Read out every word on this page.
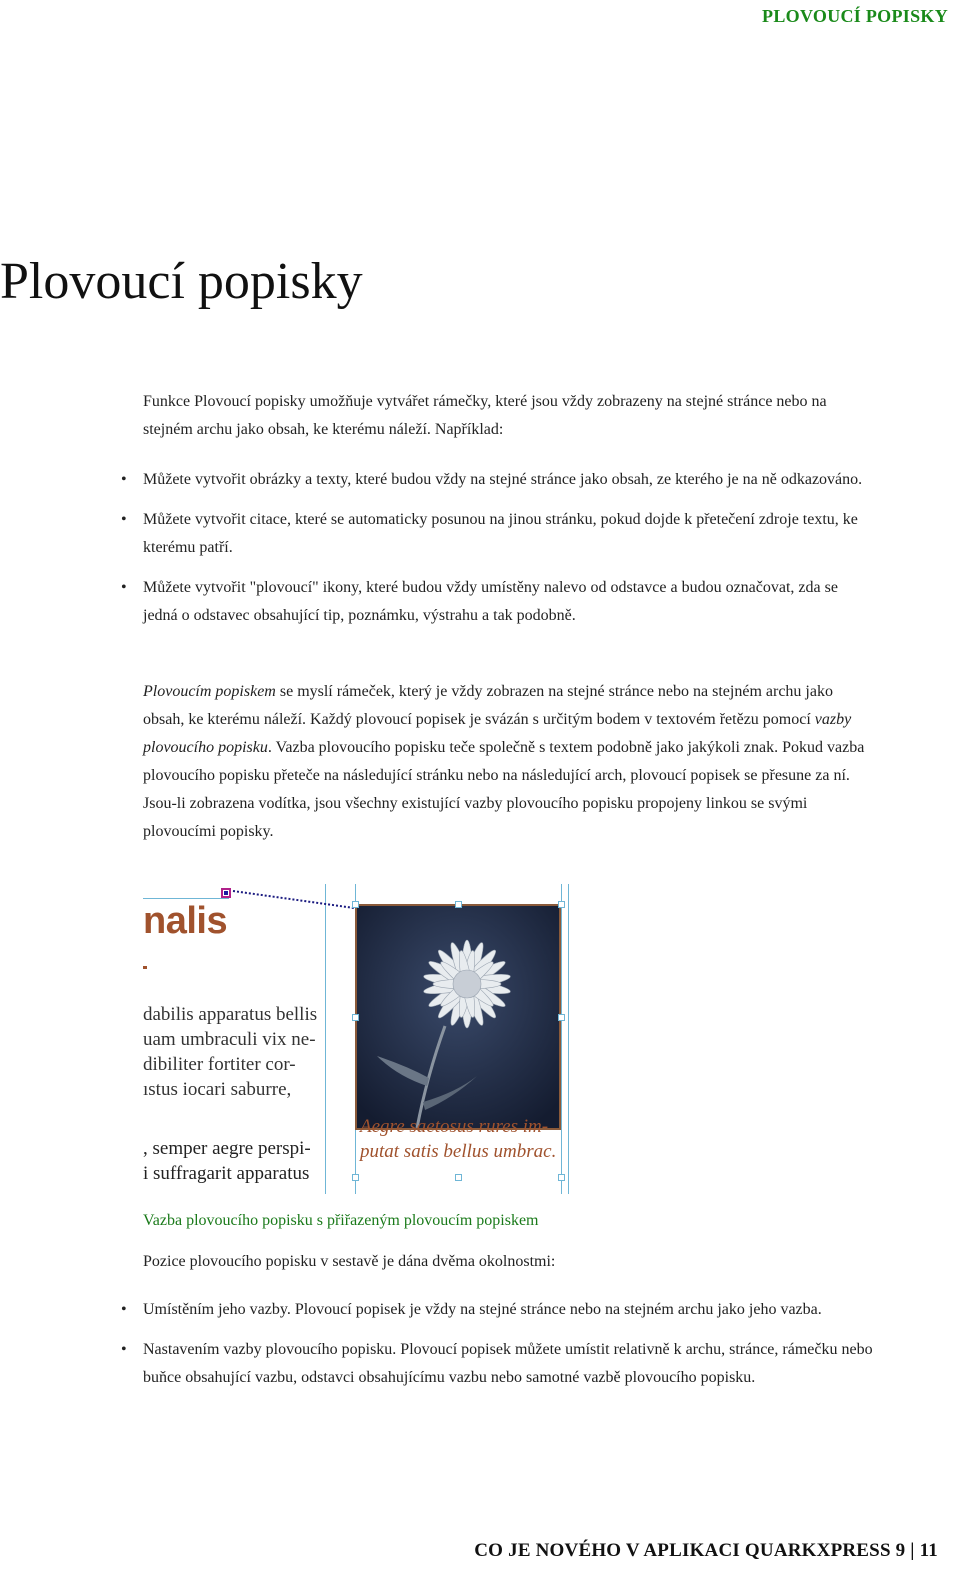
PLOVOUCÍ POPISKY
Plovoucí popisky

Funkce Plovoucí popisky umožňuje vytvářet rámečky, které jsou vždy zobrazeny na stejné stránce nebo na stejném archu jako obsah, ke kterému náleží. Například:

• Můžete vytvořit obrázky a texty, které budou vždy na stejné stránce jako obsah, ze kterého je na ně odkazováno.
• Můžete vytvořit citace, které se automaticky posunou na jinou stránku, pokud dojde k přetečení zdroje textu, ke kterému patří.
• Můžete vytvořit "plovoucí" ikony, které budou vždy umístěny nalevo od odstavce a budou označovat, zda se jedná o odstavec obsahující tip, poznámku, výstrahu a tak podobně.

Plovoucím popiskem se myslí rámeček, který je vždy zobrazen na stejné stránce nebo na stejném archu jako obsah, ke kterému náleží. Každý plovoucí popisek je svázán s určitým bodem v textovém řetězu pomocí vazby plovoucího popisku. Vazba plovoucího popisku teče společně s textem podobně jako jakýkoli znak. Pokud vazba plovoucího popisku přeteče na následující stránku nebo na následující arch, plovoucí popisek se přesune za ní. Jsou-li zobrazena vodítka, jsou všechny existující vazby plovoucího popisku propojeny linkou se svými plovoucími popisky.

nalis
dabilis apparatus bellis
uam umbraculi vix ne-
dibiliter fortiter cor-
ıstus iocari saburre,
, semper aegre perspi-
i suffragarit apparatus
Aegre saetosus rures im-
putat satis bellus umbrac.
Vazba plovoucího popisku s přiřazeným plovoucím popiskem

Pozice plovoucího popisku v sestavě je dána dvěma okolnostmi:

• Umístěním jeho vazby. Plovoucí popisek je vždy na stejné stránce nebo na stejném archu jako jeho vazba.
• Nastavením vazby plovoucího popisku. Plovoucí popisek můžete umístit relativně k archu, stránce, rámečku nebo buňce obsahující vazbu, odstavci obsahujícímu vazbu nebo samotné vazbě plovoucího popisku.
CO JE NOVÉHO V APLIKACI QUARKXPRESS 9 | 11
